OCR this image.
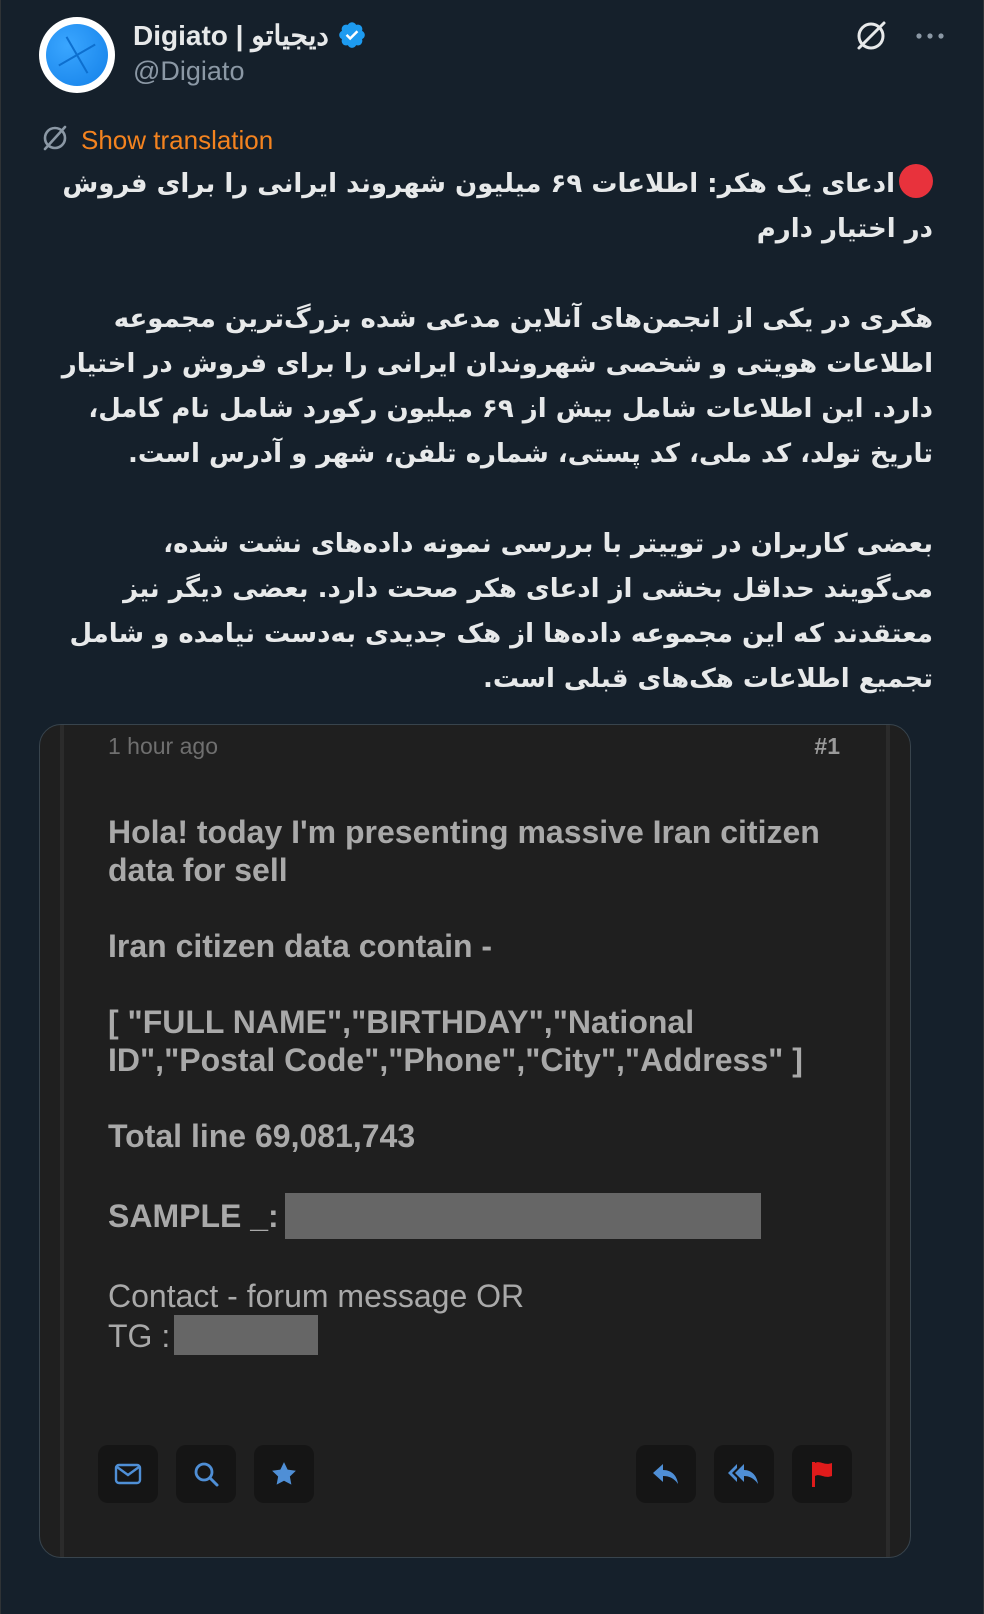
Digiato | دیجیاتو
@Digiato
Show translation

ادعای یک هکر: اطلاعات ۶۹ میلیون شهروند ایرانی را برای فروش در اختیار دارم

هکری در یکی از انجمن‌های آنلاین مدعی شده بزرگ‌ترین مجموعه اطلاعات هویتی و شخصی شهروندان ایرانی را برای فروش در اختیار دارد. این اطلاعات شامل بیش از ۶۹ میلیون رکورد شامل نام کامل، تاریخ تولد، کد ملی، کد پستی، شماره تلفن، شهر و آدرس است.

بعضی کاربران در توییتر با بررسی نمونه داده‌های نشت شده، می‌گویند حداقل بخشی از ادعای هکر صحت دارد. بعضی دیگر نیز معتقدند که این مجموعه داده‌ها از هک جدیدی به‌دست نیامده و شامل تجمیع اطلاعات هک‌های قبلی است.

1 hour ago	#1
Hola! today I'm presenting massive Iran citizen data for sell
Iran citizen data contain -
[ "FULL NAME","BIRTHDAY","National ID","Postal Code","Phone","City","Address" ]
Total line 69,081,743
SAMPLE _:
Contact - forum message OR
TG :
